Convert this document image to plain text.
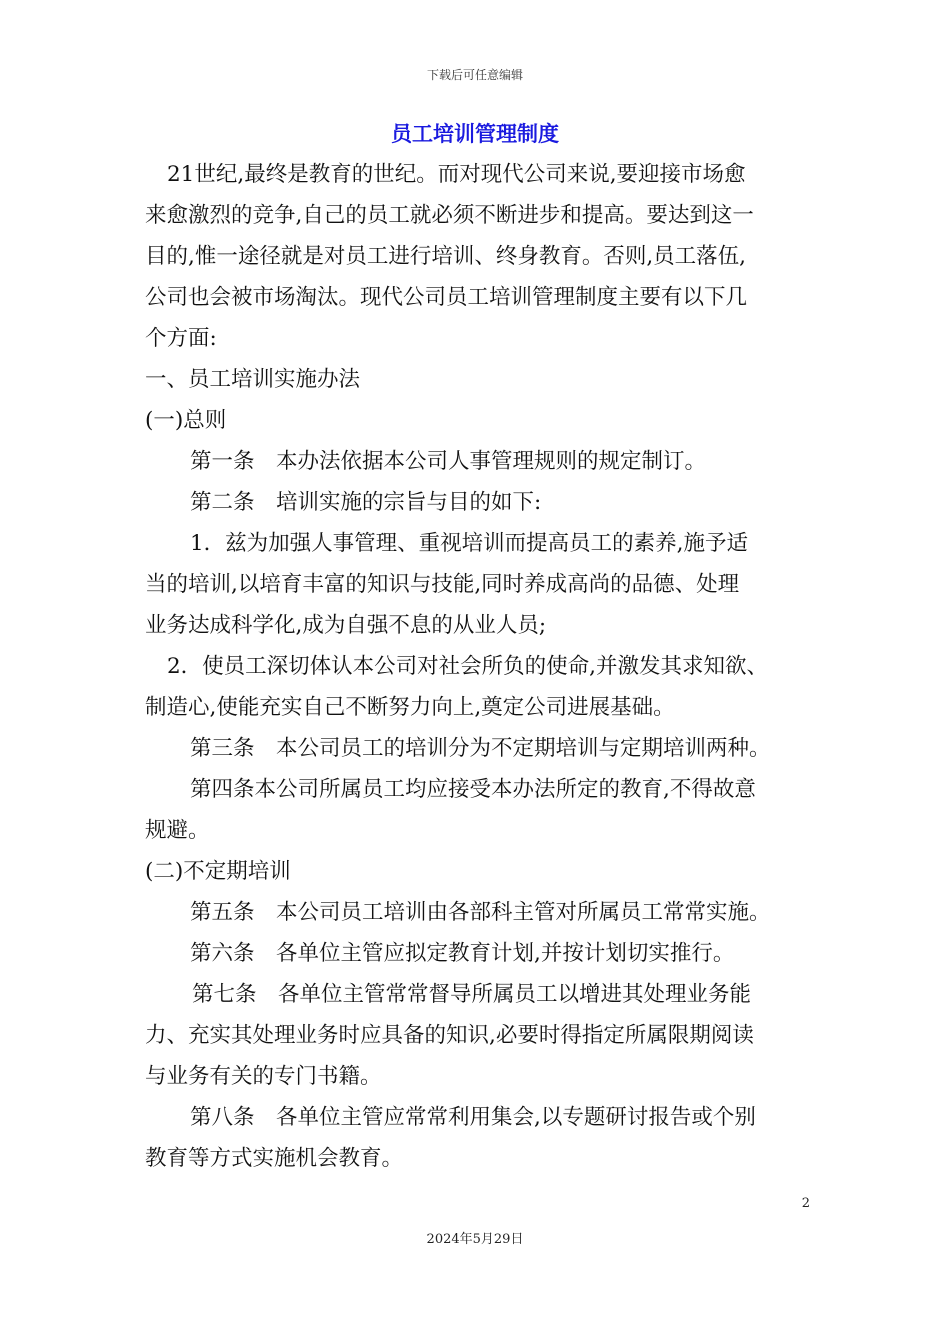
下载后可任意编辑
员工培训管理制度
21世纪,最终是教育的世纪。而对现代公司来说,要迎接市场愈
来愈激烈的竞争,自己的员工就必须不断进步和提高。要达到这一
目的,惟一途径就是对员工进行培训、终身教育。否则,员工落伍,
公司也会被市场淘汰。现代公司员工培训管理制度主要有以下几
个方面:
一、员工培训实施办法
(一)总则
第一条　本办法依据本公司人事管理规则的规定制订。
第二条　培训实施的宗旨与目的如下:
1．兹为加强人事管理、重视培训而提高员工的素养,施予适
当的培训,以培育丰富的知识与技能,同时养成高尚的品德、处理
业务达成科学化,成为自强不息的从业人员;
2．使员工深切体认本公司对社会所负的使命,并激发其求知欲、
制造心,使能充实自己不断努力向上,奠定公司进展基础。
第三条　本公司员工的培训分为不定期培训与定期培训两种。
第四条本公司所属员工均应接受本办法所定的教育,不得故意
规避。
(二)不定期培训
第五条　本公司员工培训由各部科主管对所属员工常常实施。
第六条　各单位主管应拟定教育计划,并按计划切实推行。
第七条　各单位主管常常督导所属员工以增进其处理业务能
力、充实其处理业务时应具备的知识,必要时得指定所属限期阅读
与业务有关的专门书籍。
第八条　各单位主管应常常利用集会,以专题研讨报告或个别
教育等方式实施机会教育。
2
2024年5月29日
